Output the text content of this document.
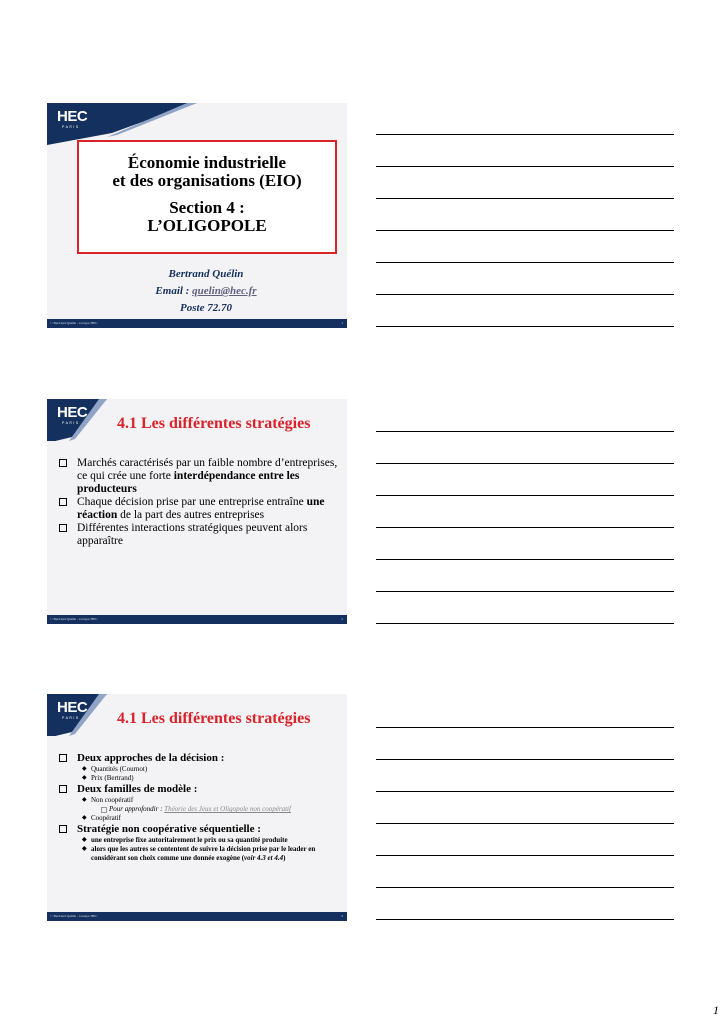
HEC
PARIS
Économie industrielle
et des organisations (EIO)
Section 4 :
L’OLIGOPOLE
Bertrand Quélin
Email : quelin@hec.fr
Poste 72.70
© Bertrand Quélin - Groupe HEC	1
HEC
PARIS	4.1 Les différentes stratégies
Marchés caractérisés par un faible nombre d’entreprises, ce qui crée une forte interdépendance entre les producteurs
Chaque décision prise par une entreprise entraîne une réaction de la part des autres entreprises
Différentes interactions stratégiques peuvent alors apparaître
© Bertrand Quélin - Groupe HEC	2
HEC
PARIS	4.1 Les différentes stratégies
Deux approches de la décision :
◆ Quantités (Cournot)
◆ Prix (Bertrand)
Deux familles de modèle :
◆ Non coopératif
Pour approfondir : Théorie des Jeux et Oligopole non coopératif
◆ Coopératif
Stratégie non coopérative séquentielle :
◆ une entreprise fixe autoritairement le prix ou sa quantité produite
◆ alors que les autres se contentent de suivre la décision prise par le leader en considérant son choix comme une donnée exogène (voir 4.3 et 4.4)
© Bertrand Quélin - Groupe HEC	3
1
